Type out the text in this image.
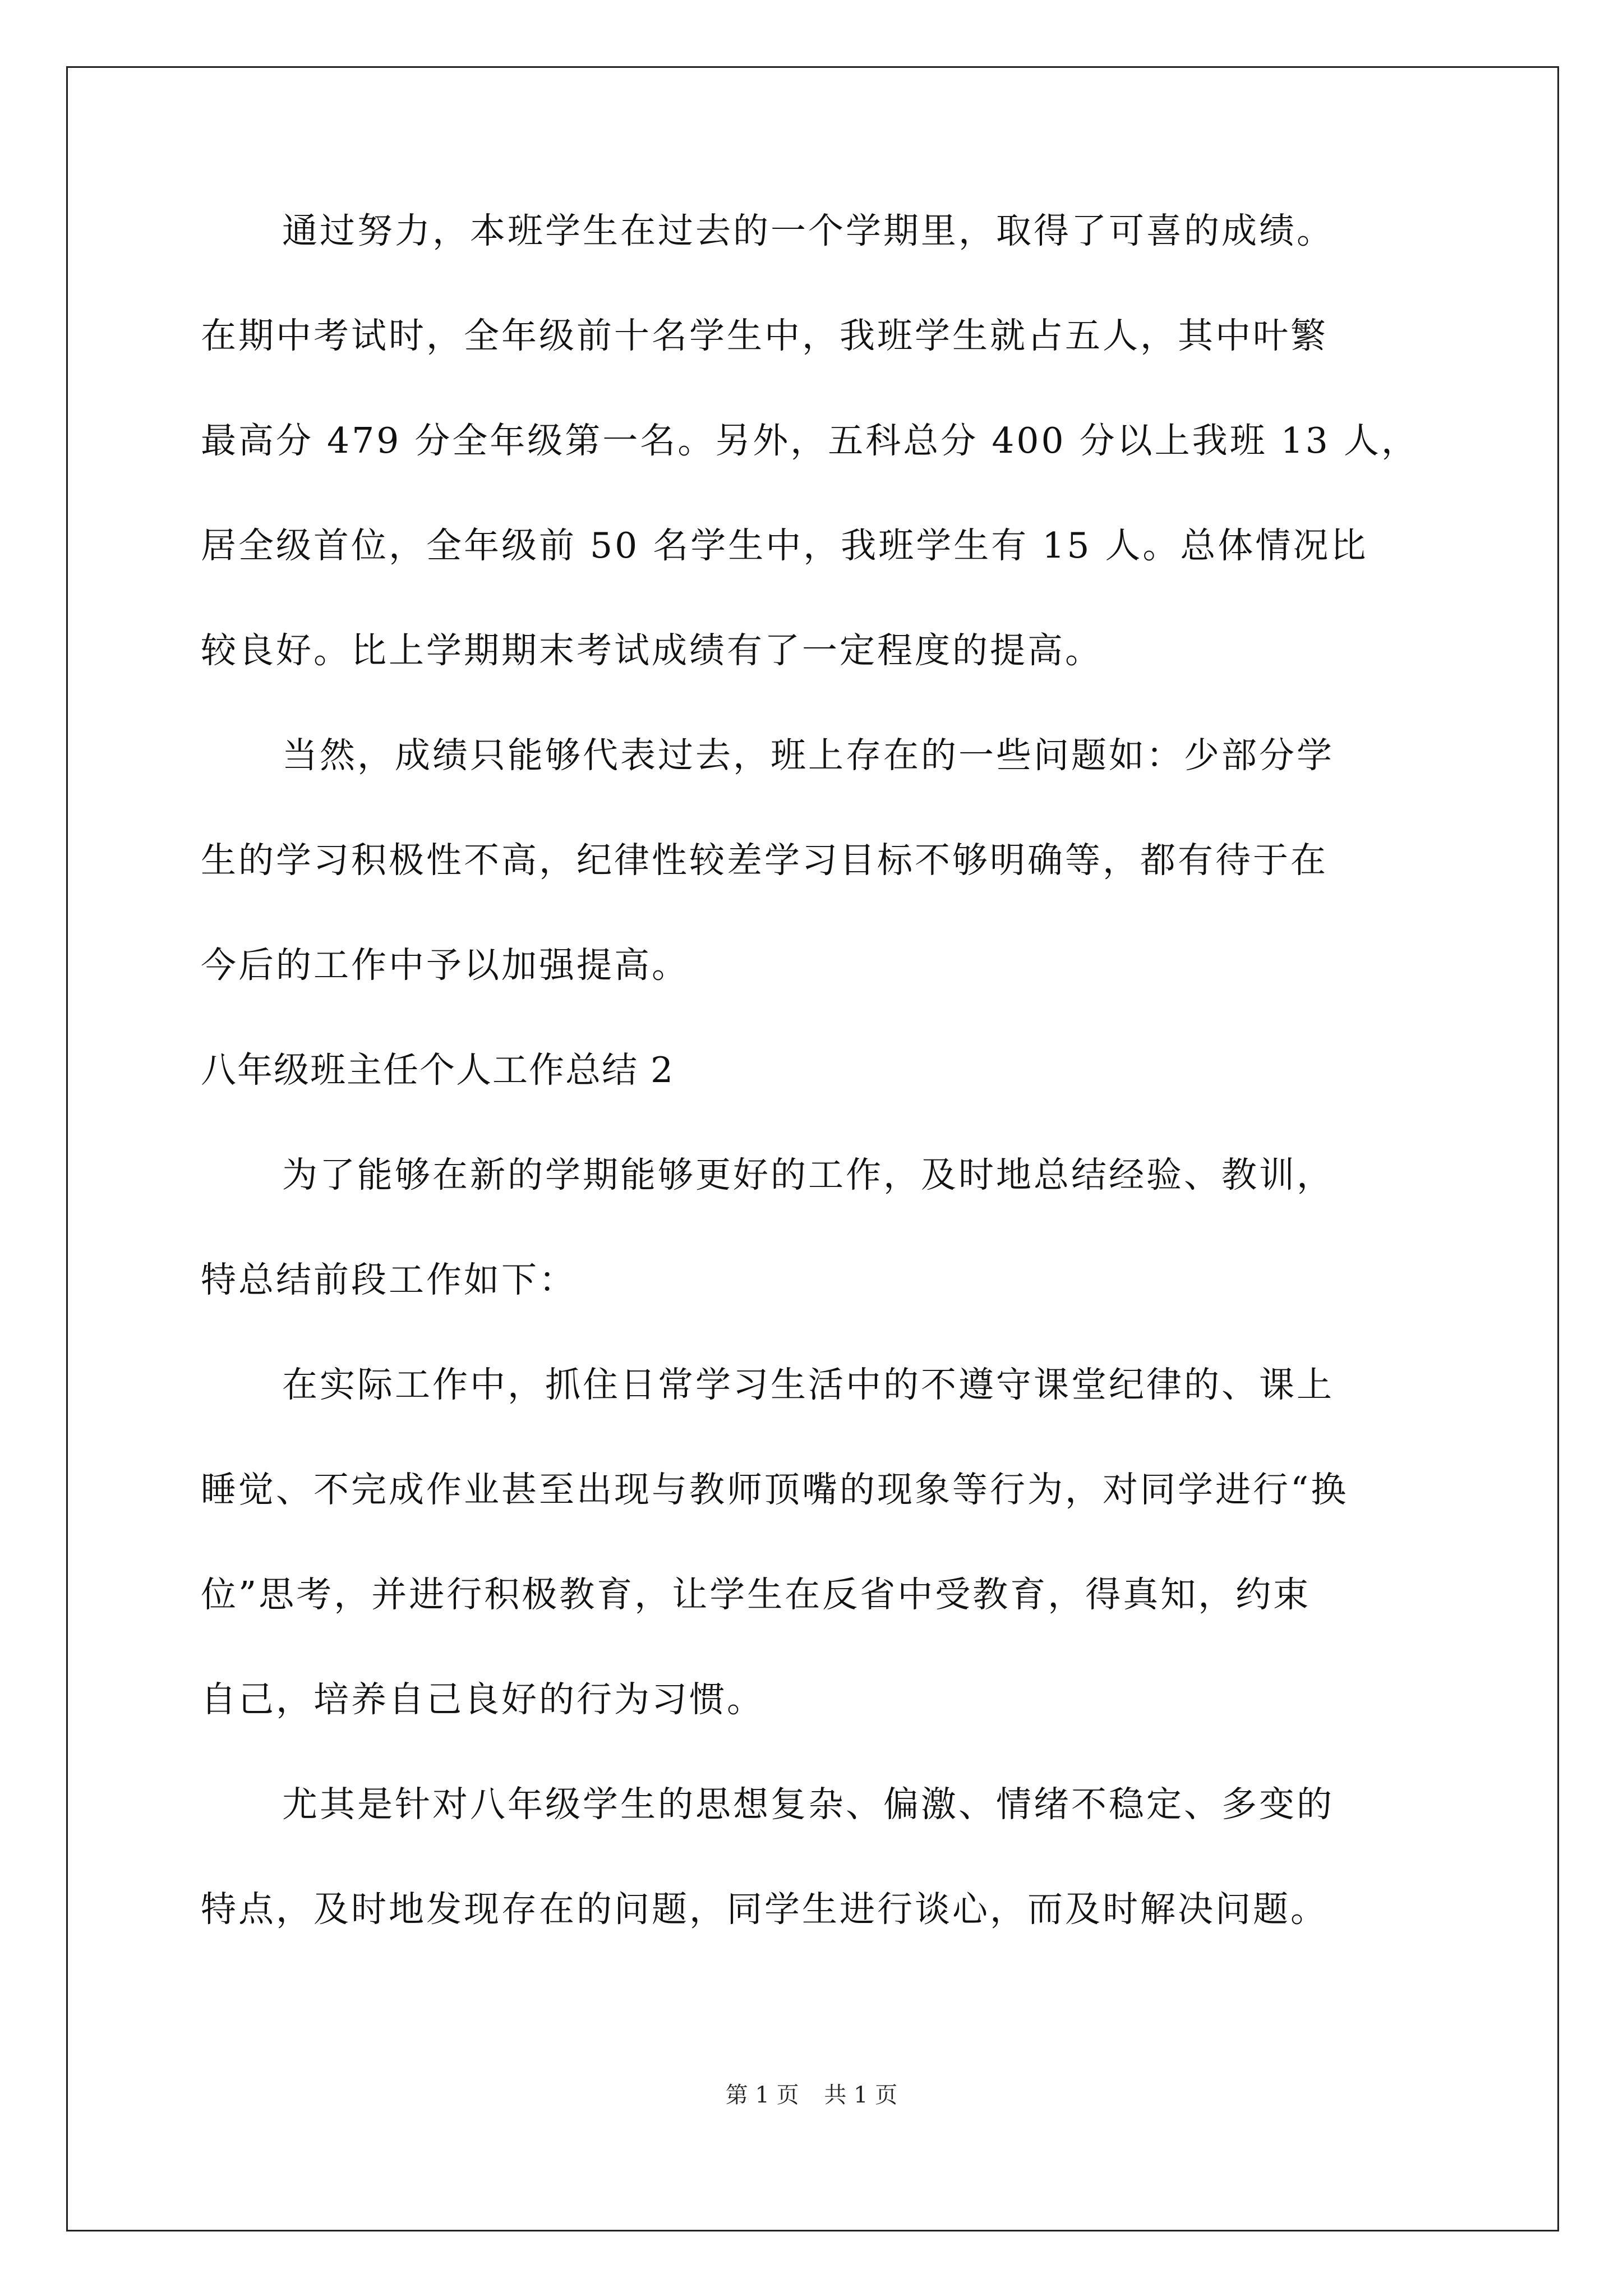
通过努力，本班学生在过去的一个学期里，取得了可喜的成绩。

在期中考试时，全年级前十名学生中，我班学生就占五人，其中叶繁

最高分 479 分全年级第一名。另外，五科总分 400 分以上我班 13 人，

居全级首位，全年级前 50 名学生中，我班学生有 15 人。总体情况比

较良好。比上学期期末考试成绩有了一定程度的提高。

当然，成绩只能够代表过去，班上存在的一些问题如：少部分学

生的学习积极性不高，纪律性较差学习目标不够明确等，都有待于在

今后的工作中予以加强提高。

八年级班主任个人工作总结 2

为了能够在新的学期能够更好的工作，及时地总结经验、教训，

特总结前段工作如下：

在实际工作中，抓住日常学习生活中的不遵守课堂纪律的、课上

睡觉、不完成作业甚至出现与教师顶嘴的现象等行为，对同学进行“换

位”思考，并进行积极教育，让学生在反省中受教育，得真知，约束

自己，培养自己良好的行为习惯。

尤其是针对八年级学生的思想复杂、偏激、情绪不稳定、多变的

特点，及时地发现存在的问题，同学生进行谈心，而及时解决问题。

第 1 页 共 1 页
